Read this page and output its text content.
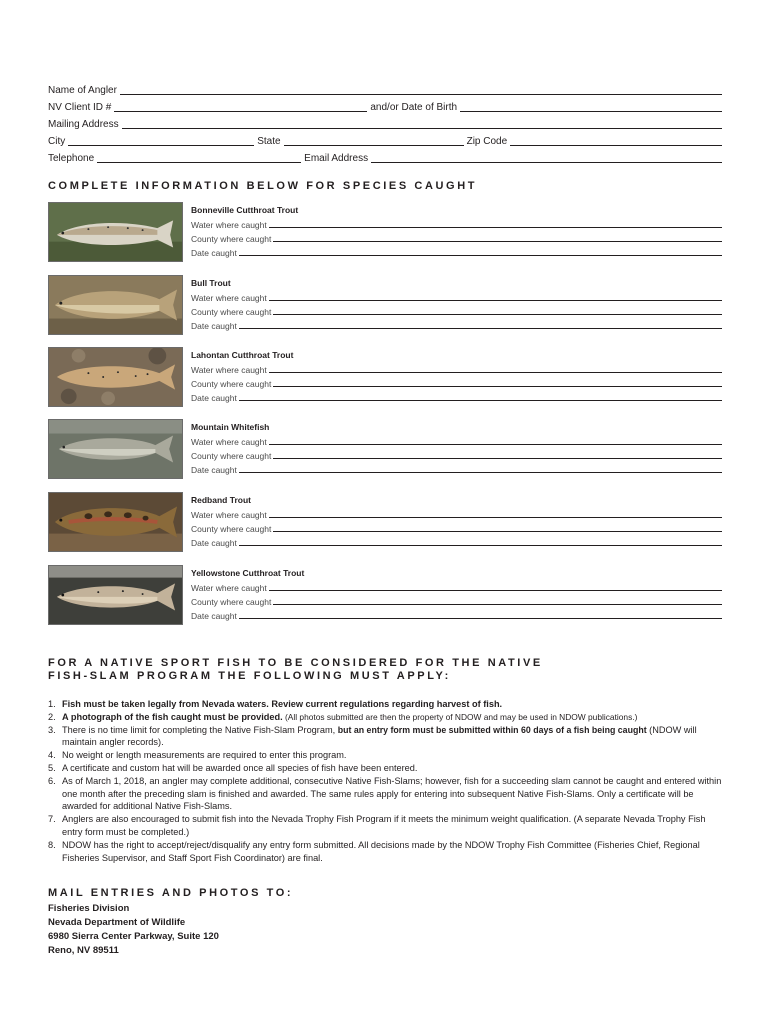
Name of Angler
NV Client ID #	and/or Date of Birth
Mailing Address
City	State	Zip Code
Telephone	Email Address
COMPLETE INFORMATION BELOW FOR SPECIES CAUGHT
Bonneville Cutthroat Trout
Water where caught
County where caught
Date caught
Bull Trout
Water where caught
County where caught
Date caught
Lahontan Cutthroat Trout
Water where caught
County where caught
Date caught
Mountain Whitefish
Water where caught
County where caught
Date caught
Redband Trout
Water where caught
County where caught
Date caught
Yellowstone Cutthroat Trout
Water where caught
County where caught
Date caught
FOR A NATIVE SPORT FISH TO BE CONSIDERED FOR THE NATIVE
FISH-SLAM PROGRAM THE FOLLOWING MUST APPLY:
1. Fish must be taken legally from Nevada waters. Review current regulations regarding harvest of fish.
2. A photograph of the fish caught must be provided. (All photos submitted are then the property of NDOW and may be used in NDOW publications.)
3. There is no time limit for completing the Native Fish-Slam Program, but an entry form must be submitted within 60 days of a fish being caught (NDOW will maintain angler records).
4. No weight or length measurements are required to enter this program.
5. A certificate and custom hat will be awarded once all species of fish have been entered.
6. As of March 1, 2018, an angler may complete additional, consecutive Native Fish-Slams; however, fish for a succeeding slam cannot be caught and entered within one month after the preceding slam is finished and awarded. The same rules apply for entering into subsequent Native Fish-Slams. Only a certificate will be awarded for additional Native Fish-Slams.
7. Anglers are also encouraged to submit fish into the Nevada Trophy Fish Program if it meets the minimum weight qualification. (A separate Nevada Trophy Fish entry form must be completed.)
8. NDOW has the right to accept/reject/disqualify any entry form submitted. All decisions made by the NDOW Trophy Fish Committee (Fisheries Chief, Regional Fisheries Supervisor, and Staff Sport Fish Coordinator) are final.
MAIL ENTRIES AND PHOTOS TO:
Fisheries Division
Nevada Department of Wildlife
6980 Sierra Center Parkway, Suite 120
Reno, NV 89511
